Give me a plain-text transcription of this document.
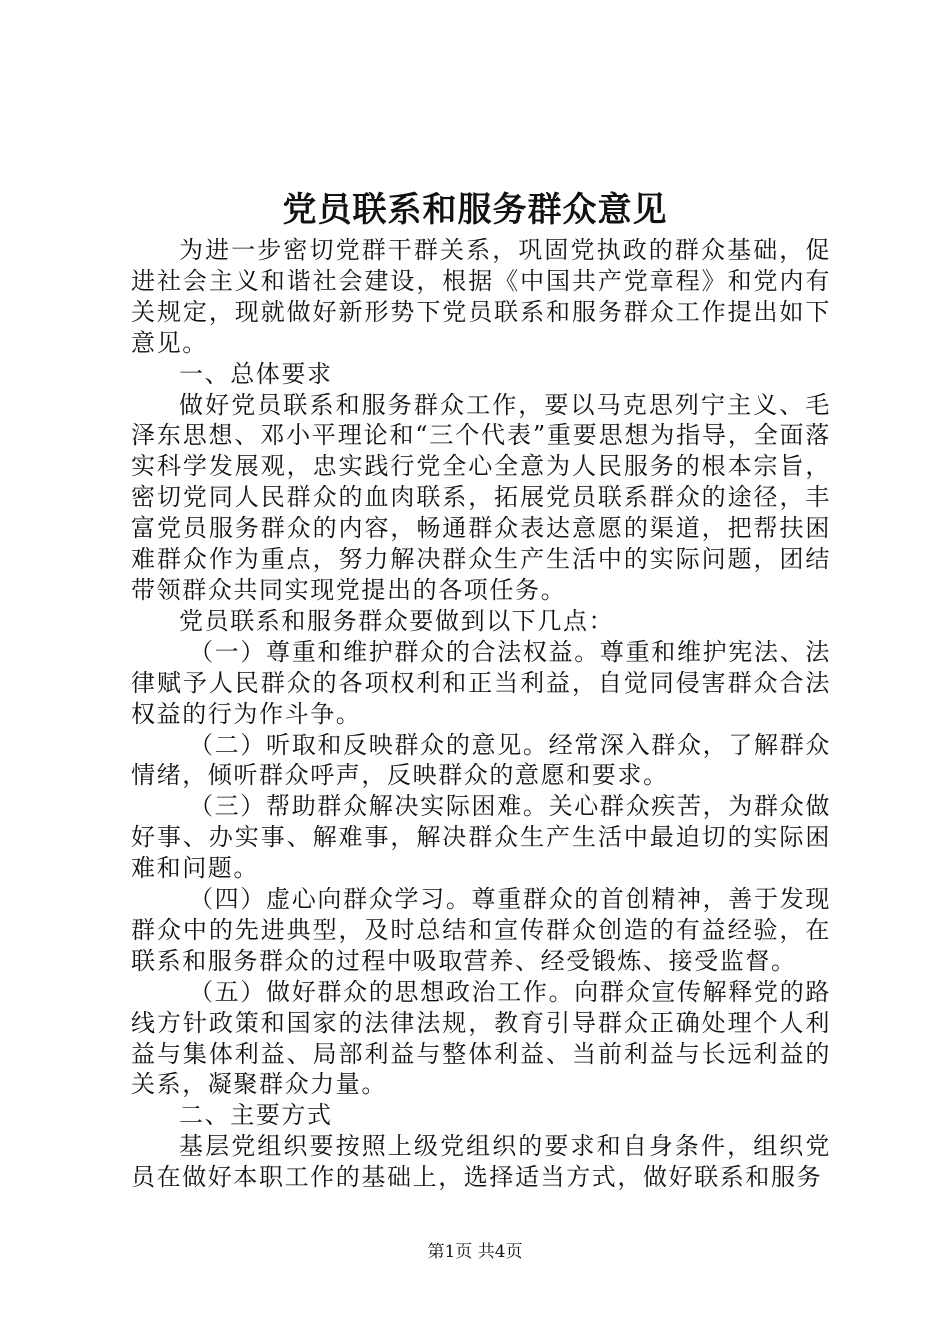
党员联系和服务群众意见

为进一步密切党群干群关系，巩固党执政的群众基础，促进社会主义和谐社会建设，根据《中国共产党章程》和党内有关规定，现就做好新形势下党员联系和服务群众工作提出如下意见。

一、总体要求

做好党员联系和服务群众工作，要以马克思列宁主义、毛泽东思想、邓小平理论和“三个代表”重要思想为指导，全面落实科学发展观，忠实践行党全心全意为人民服务的根本宗旨，密切党同人民群众的血肉联系，拓展党员联系群众的途径，丰富党员服务群众的内容，畅通群众表达意愿的渠道，把帮扶困难群众作为重点，努力解决群众生产生活中的实际问题，团结带领群众共同实现党提出的各项任务。

党员联系和服务群众要做到以下几点：

（一）尊重和维护群众的合法权益。尊重和维护宪法、法律赋予人民群众的各项权利和正当利益，自觉同侵害群众合法权益的行为作斗争。

（二）听取和反映群众的意见。经常深入群众，了解群众情绪，倾听群众呼声，反映群众的意愿和要求。

（三）帮助群众解决实际困难。关心群众疾苦，为群众做好事、办实事、解难事，解决群众生产生活中最迫切的实际困难和问题。

（四）虚心向群众学习。尊重群众的首创精神，善于发现群众中的先进典型，及时总结和宣传群众创造的有益经验，在联系和服务群众的过程中吸取营养、经受锻炼、接受监督。

（五）做好群众的思想政治工作。向群众宣传解释党的路线方针政策和国家的法律法规，教育引导群众正确处理个人利益与集体利益、局部利益与整体利益、当前利益与长远利益的关系，凝聚群众力量。

二、主要方式

基层党组织要按照上级党组织的要求和自身条件，组织党员在做好本职工作的基础上，选择适当方式，做好联系和服务

第1页 共4页
